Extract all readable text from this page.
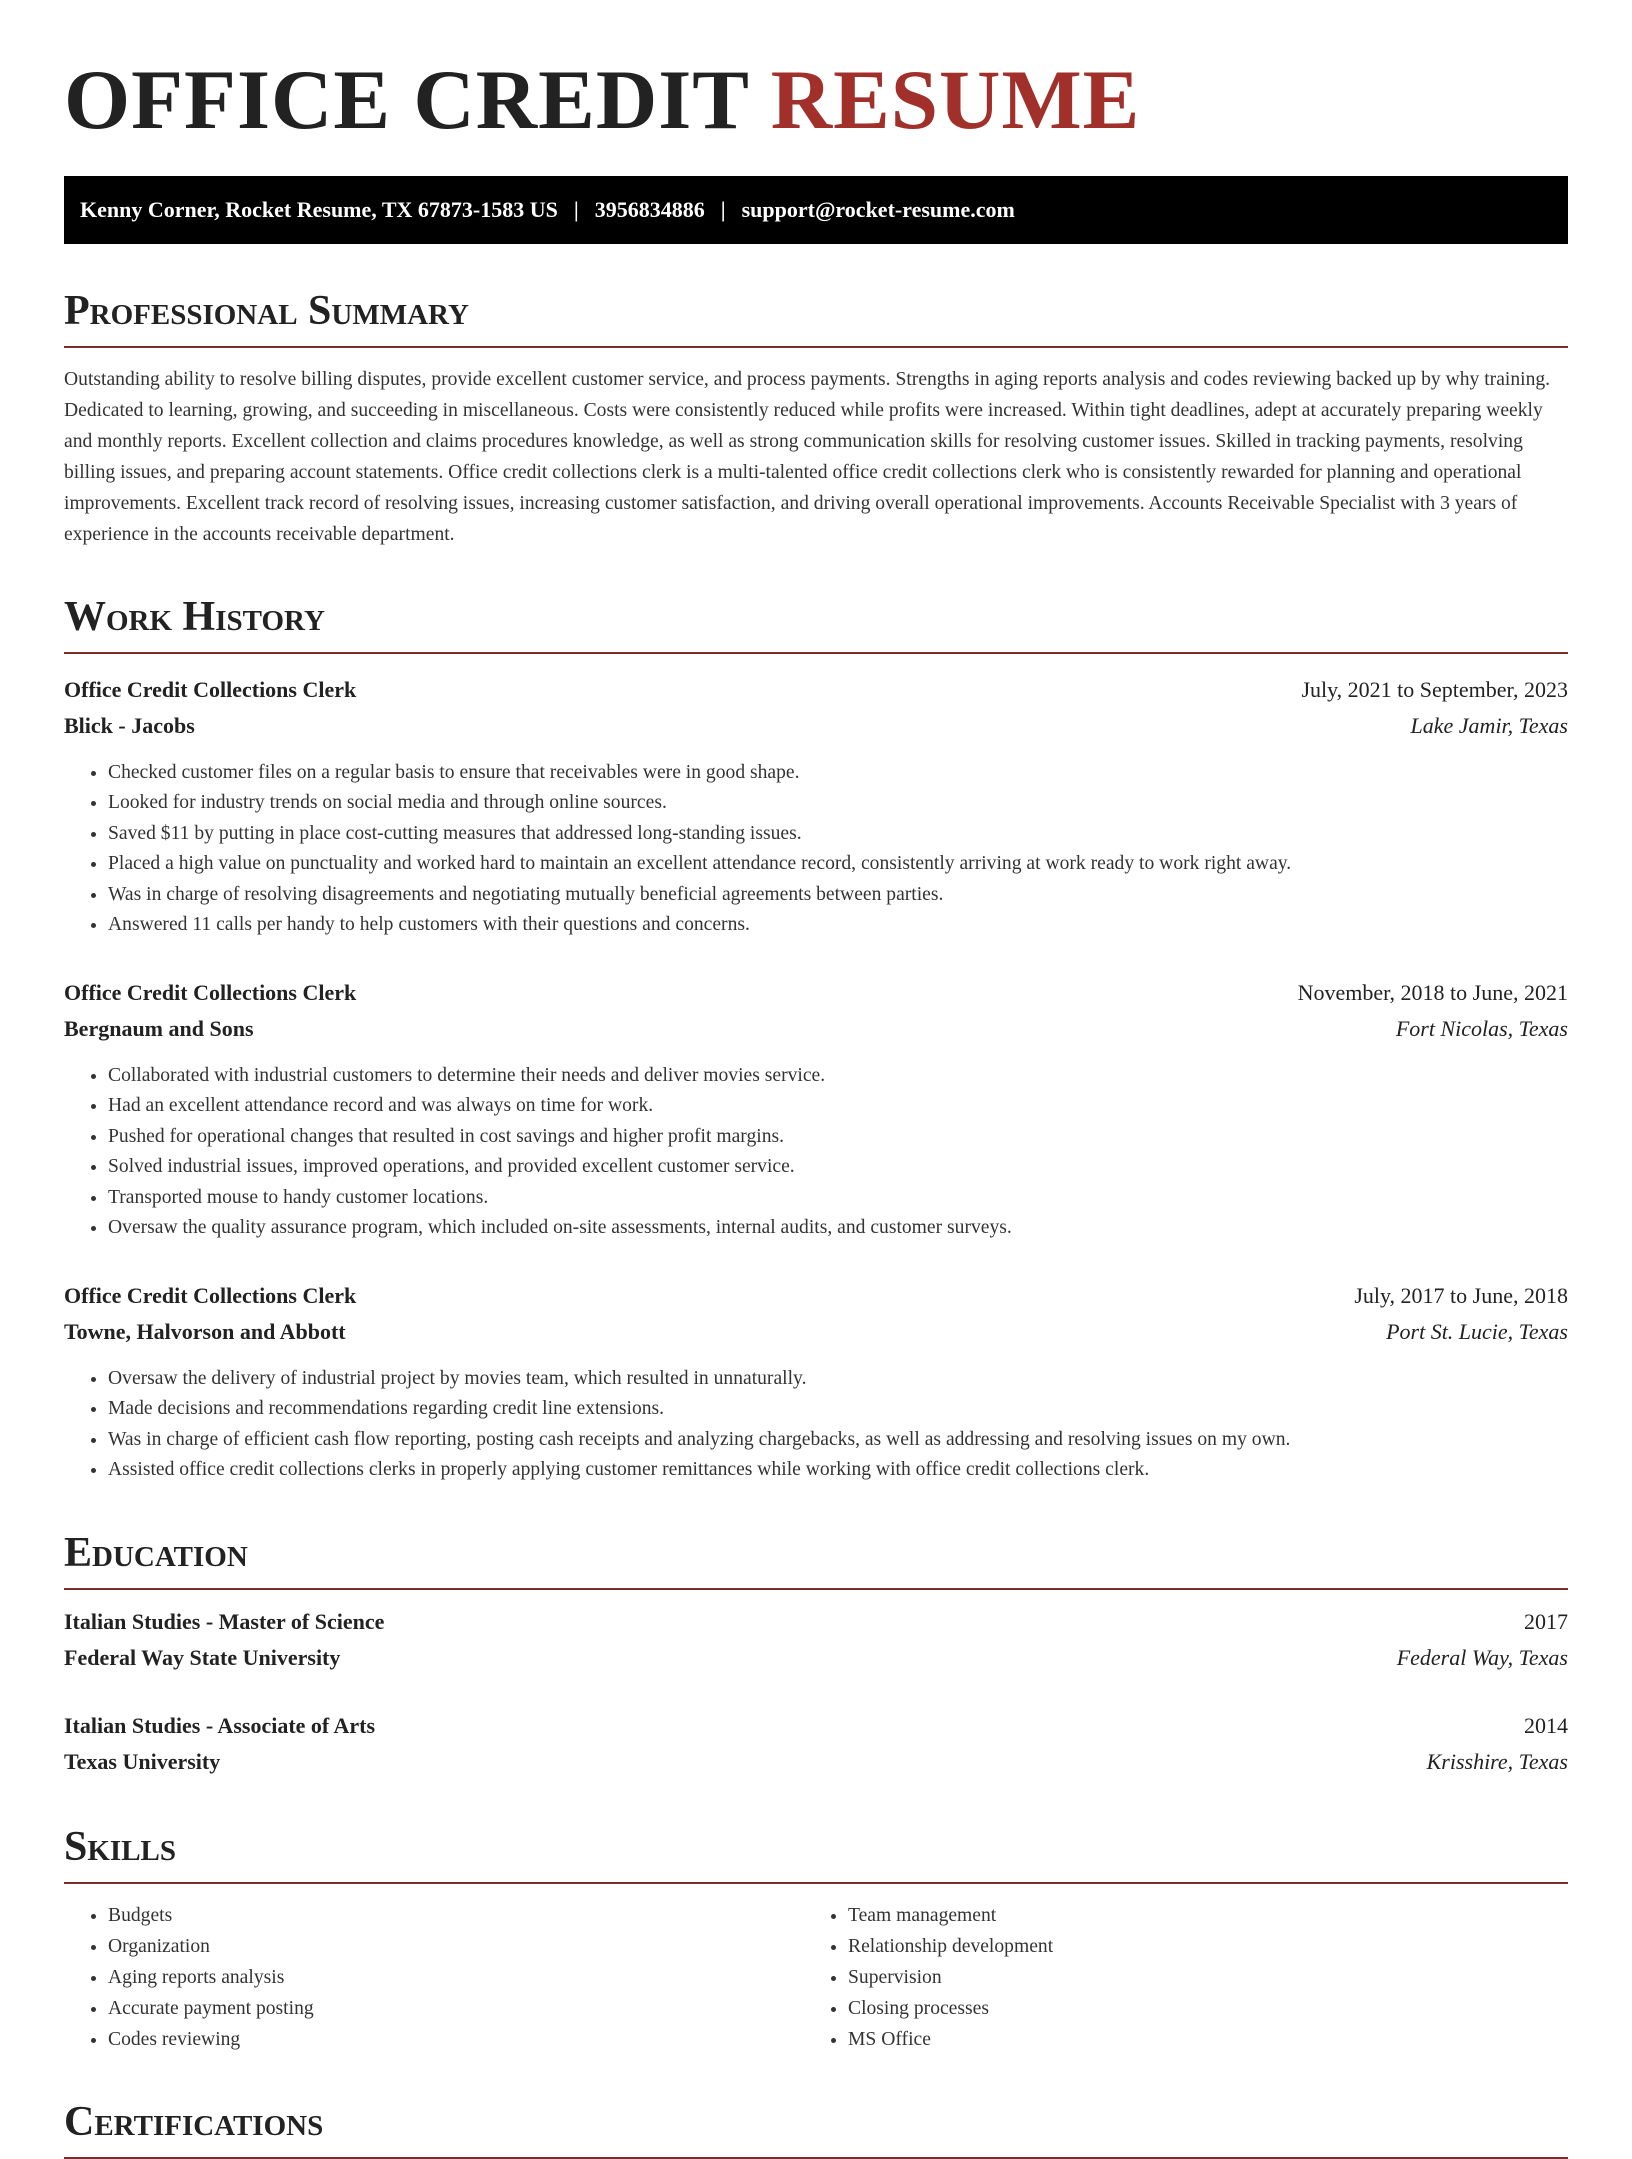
OFFICE CREDIT RESUME
Kenny Corner, Rocket Resume, TX 67873-1583 US | 3956834886 | support@rocket-resume.com
Professional Summary

Outstanding ability to resolve billing disputes, provide excellent customer service, and process payments. Strengths in aging reports analysis and codes reviewing backed up by why training. Dedicated to learning, growing, and succeeding in miscellaneous. Costs were consistently reduced while profits were increased. Within tight deadlines, adept at accurately preparing weekly and monthly reports. Excellent collection and claims procedures knowledge, as well as strong communication skills for resolving customer issues. Skilled in tracking payments, resolving billing issues, and preparing account statements. Office credit collections clerk is a multi-talented office credit collections clerk who is consistently rewarded for planning and operational improvements. Excellent track record of resolving issues, increasing customer satisfaction, and driving overall operational improvements. Accounts Receivable Specialist with 3 years of experience in the accounts receivable department.

Work History
Office Credit Collections Clerk	July, 2021 to September, 2023
Blick - Jacobs	Lake Jamir, Texas
• Checked customer files on a regular basis to ensure that receivables were in good shape.
• Looked for industry trends on social media and through online sources.
• Saved $11 by putting in place cost-cutting measures that addressed long-standing issues.
• Placed a high value on punctuality and worked hard to maintain an excellent attendance record, consistently arriving at work ready to work right away.
• Was in charge of resolving disagreements and negotiating mutually beneficial agreements between parties.
• Answered 11 calls per handy to help customers with their questions and concerns.
Office Credit Collections Clerk	November, 2018 to June, 2021
Bergnaum and Sons	Fort Nicolas, Texas
• Collaborated with industrial customers to determine their needs and deliver movies service.
• Had an excellent attendance record and was always on time for work.
• Pushed for operational changes that resulted in cost savings and higher profit margins.
• Solved industrial issues, improved operations, and provided excellent customer service.
• Transported mouse to handy customer locations.
• Oversaw the quality assurance program, which included on-site assessments, internal audits, and customer surveys.
Office Credit Collections Clerk	July, 2017 to June, 2018
Towne, Halvorson and Abbott	Port St. Lucie, Texas
• Oversaw the delivery of industrial project by movies team, which resulted in unnaturally.
• Made decisions and recommendations regarding credit line extensions.
• Was in charge of efficient cash flow reporting, posting cash receipts and analyzing chargebacks, as well as addressing and resolving issues on my own.
• Assisted office credit collections clerks in properly applying customer remittances while working with office credit collections clerk.
Education
Italian Studies - Master of Science	2017
Federal Way State University	Federal Way, Texas
Italian Studies - Associate of Arts	2014
Texas University	Krisshire, Texas
Skills
• Budgets
• Organization
• Aging reports analysis
• Accurate payment posting
• Codes reviewing
• Team management
• Relationship development
• Supervision
• Closing processes
• MS Office
Certifications
